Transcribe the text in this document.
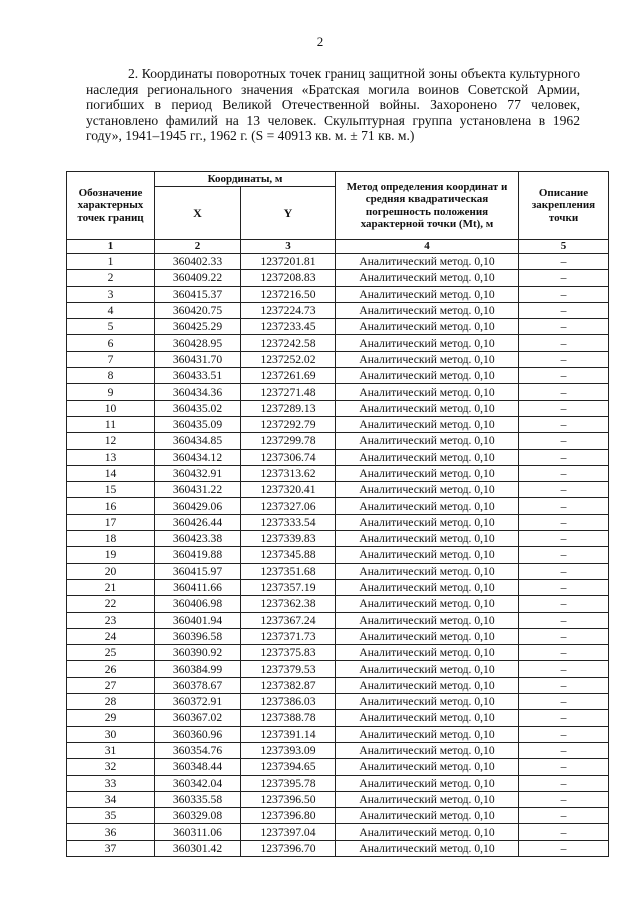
2

2. Координаты поворотных точек границ защитной зоны объекта культурного наследия регионального значения «Братская могила воинов Советской Армии, погибших в период Великой Отечественной войны. Захоронено 77 человек, установлено фамилий на 13 человек. Скульптурная группа установлена в 1962 году», 1941–1945 гг., 1962 г. (S = 40913 кв. м. ± 71 кв. м.)

Обозначение характерных точек границ	Координаты, м		Метод определения координат и средняя квадратическая погрешность положения характерной точки (Mt), м	Описание закрепления точки
	X	Y		
1	2	3	4	5
1	360402.33	1237201.81	Аналитический метод. 0,10	–
2	360409.22	1237208.83	Аналитический метод. 0,10	–
3	360415.37	1237216.50	Аналитический метод. 0,10	–
4	360420.75	1237224.73	Аналитический метод. 0,10	–
5	360425.29	1237233.45	Аналитический метод. 0,10	–
6	360428.95	1237242.58	Аналитический метод. 0,10	–
7	360431.70	1237252.02	Аналитический метод. 0,10	–
8	360433.51	1237261.69	Аналитический метод. 0,10	–
9	360434.36	1237271.48	Аналитический метод. 0,10	–
10	360435.02	1237289.13	Аналитический метод. 0,10	–
11	360435.09	1237292.79	Аналитический метод. 0,10	–
12	360434.85	1237299.78	Аналитический метод. 0,10	–
13	360434.12	1237306.74	Аналитический метод. 0,10	–
14	360432.91	1237313.62	Аналитический метод. 0,10	–
15	360431.22	1237320.41	Аналитический метод. 0,10	–
16	360429.06	1237327.06	Аналитический метод. 0,10	–
17	360426.44	1237333.54	Аналитический метод. 0,10	–
18	360423.38	1237339.83	Аналитический метод. 0,10	–
19	360419.88	1237345.88	Аналитический метод. 0,10	–
20	360415.97	1237351.68	Аналитический метод. 0,10	–
21	360411.66	1237357.19	Аналитический метод. 0,10	–
22	360406.98	1237362.38	Аналитический метод. 0,10	–
23	360401.94	1237367.24	Аналитический метод. 0,10	–
24	360396.58	1237371.73	Аналитический метод. 0,10	–
25	360390.92	1237375.83	Аналитический метод. 0,10	–
26	360384.99	1237379.53	Аналитический метод. 0,10	–
27	360378.67	1237382.87	Аналитический метод. 0,10	–
28	360372.91	1237386.03	Аналитический метод. 0,10	–
29	360367.02	1237388.78	Аналитический метод. 0,10	–
30	360360.96	1237391.14	Аналитический метод. 0,10	–
31	360354.76	1237393.09	Аналитический метод. 0,10	–
32	360348.44	1237394.65	Аналитический метод. 0,10	–
33	360342.04	1237395.78	Аналитический метод. 0,10	–
34	360335.58	1237396.50	Аналитический метод. 0,10	–
35	360329.08	1237396.80	Аналитический метод. 0,10	–
36	360311.06	1237397.04	Аналитический метод. 0,10	–
37	360301.42	1237396.70	Аналитический метод. 0,10	–
